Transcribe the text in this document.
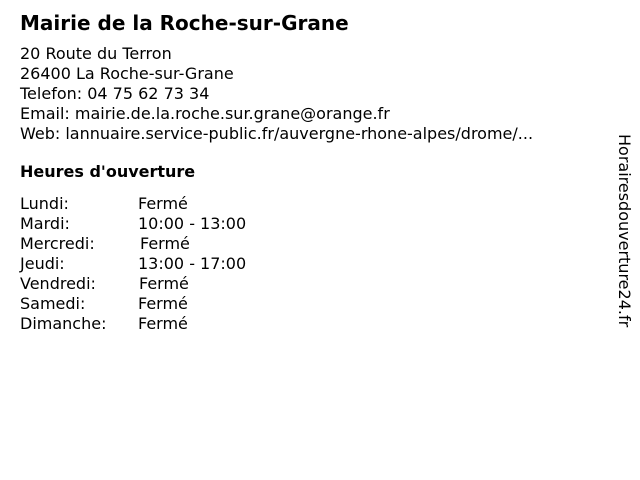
Mairie de la Roche-sur-Grane
20 Route du Terron
26400 La Roche-sur-Grane
Telefon: 04 75 62 73 34
Email: mairie.de.la.roche.sur.grane@orange.fr
Web: lannuaire.service-public.fr/auvergne-rhone-alpes/drome/...
Heures d'ouverture
Lundi:	Fermé
Mardi:	10:00 - 13:00
Mercredi:	Fermé
Jeudi:	13:00 - 17:00
Vendredi:	Fermé
Samedi:	Fermé
Dimanche: Fermé	Horairesdouverture24.fr
